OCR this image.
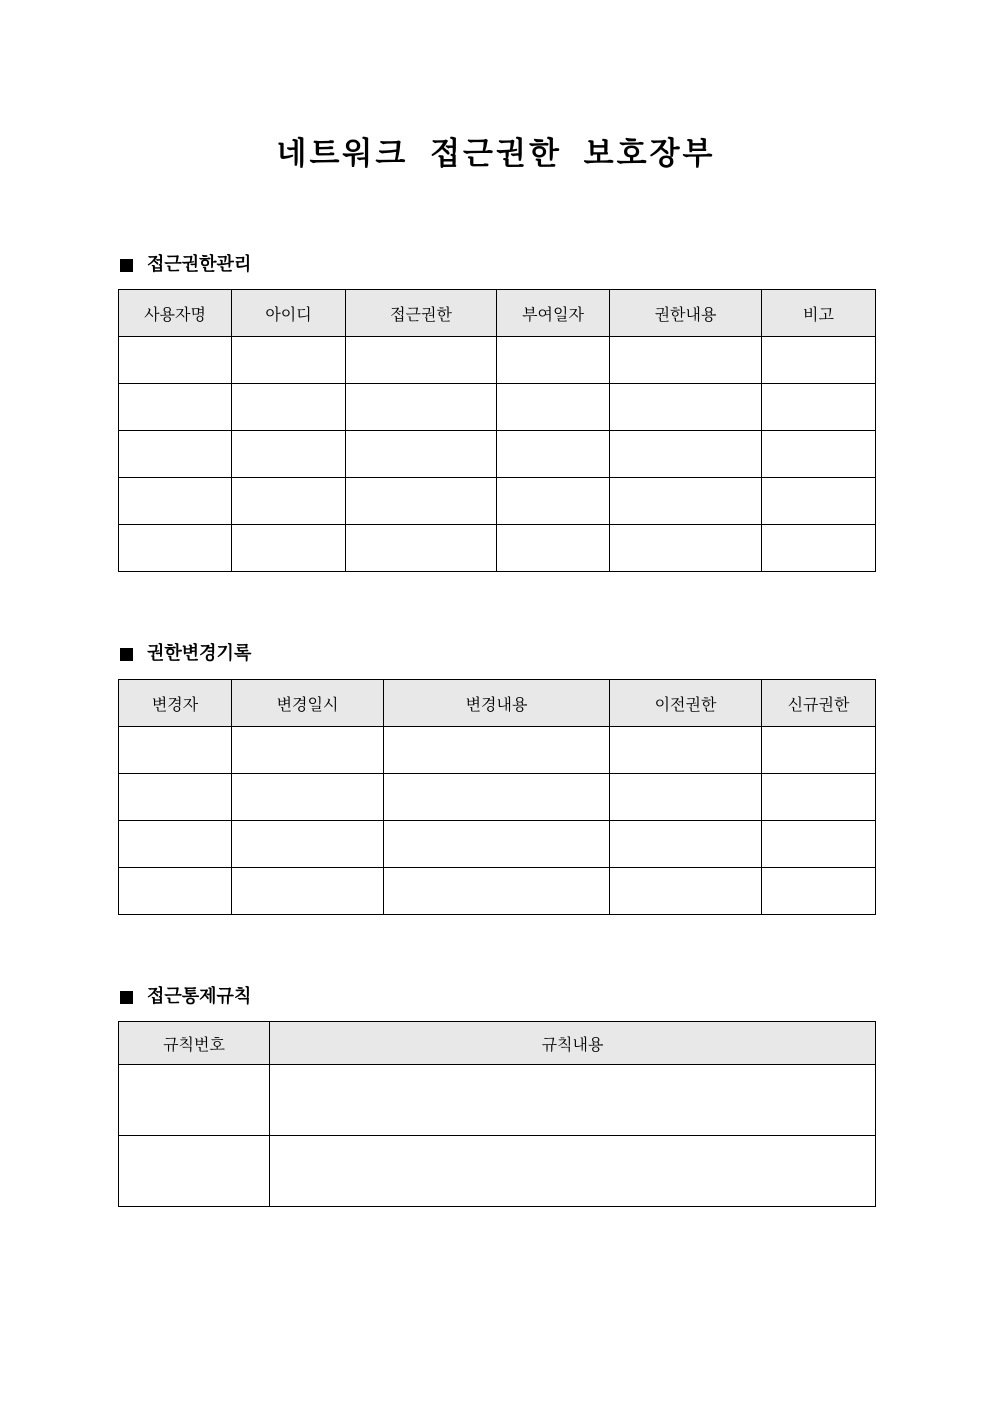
네트워크 접근권한 보호장부
접근권한관리
사용자명	아이디	접근권한	부여일자	권한내용	비고

권한변경기록
변경자	변경일시	변경내용	이전권한	신규권한

접근통제규칙
규칙번호	규칙내용
